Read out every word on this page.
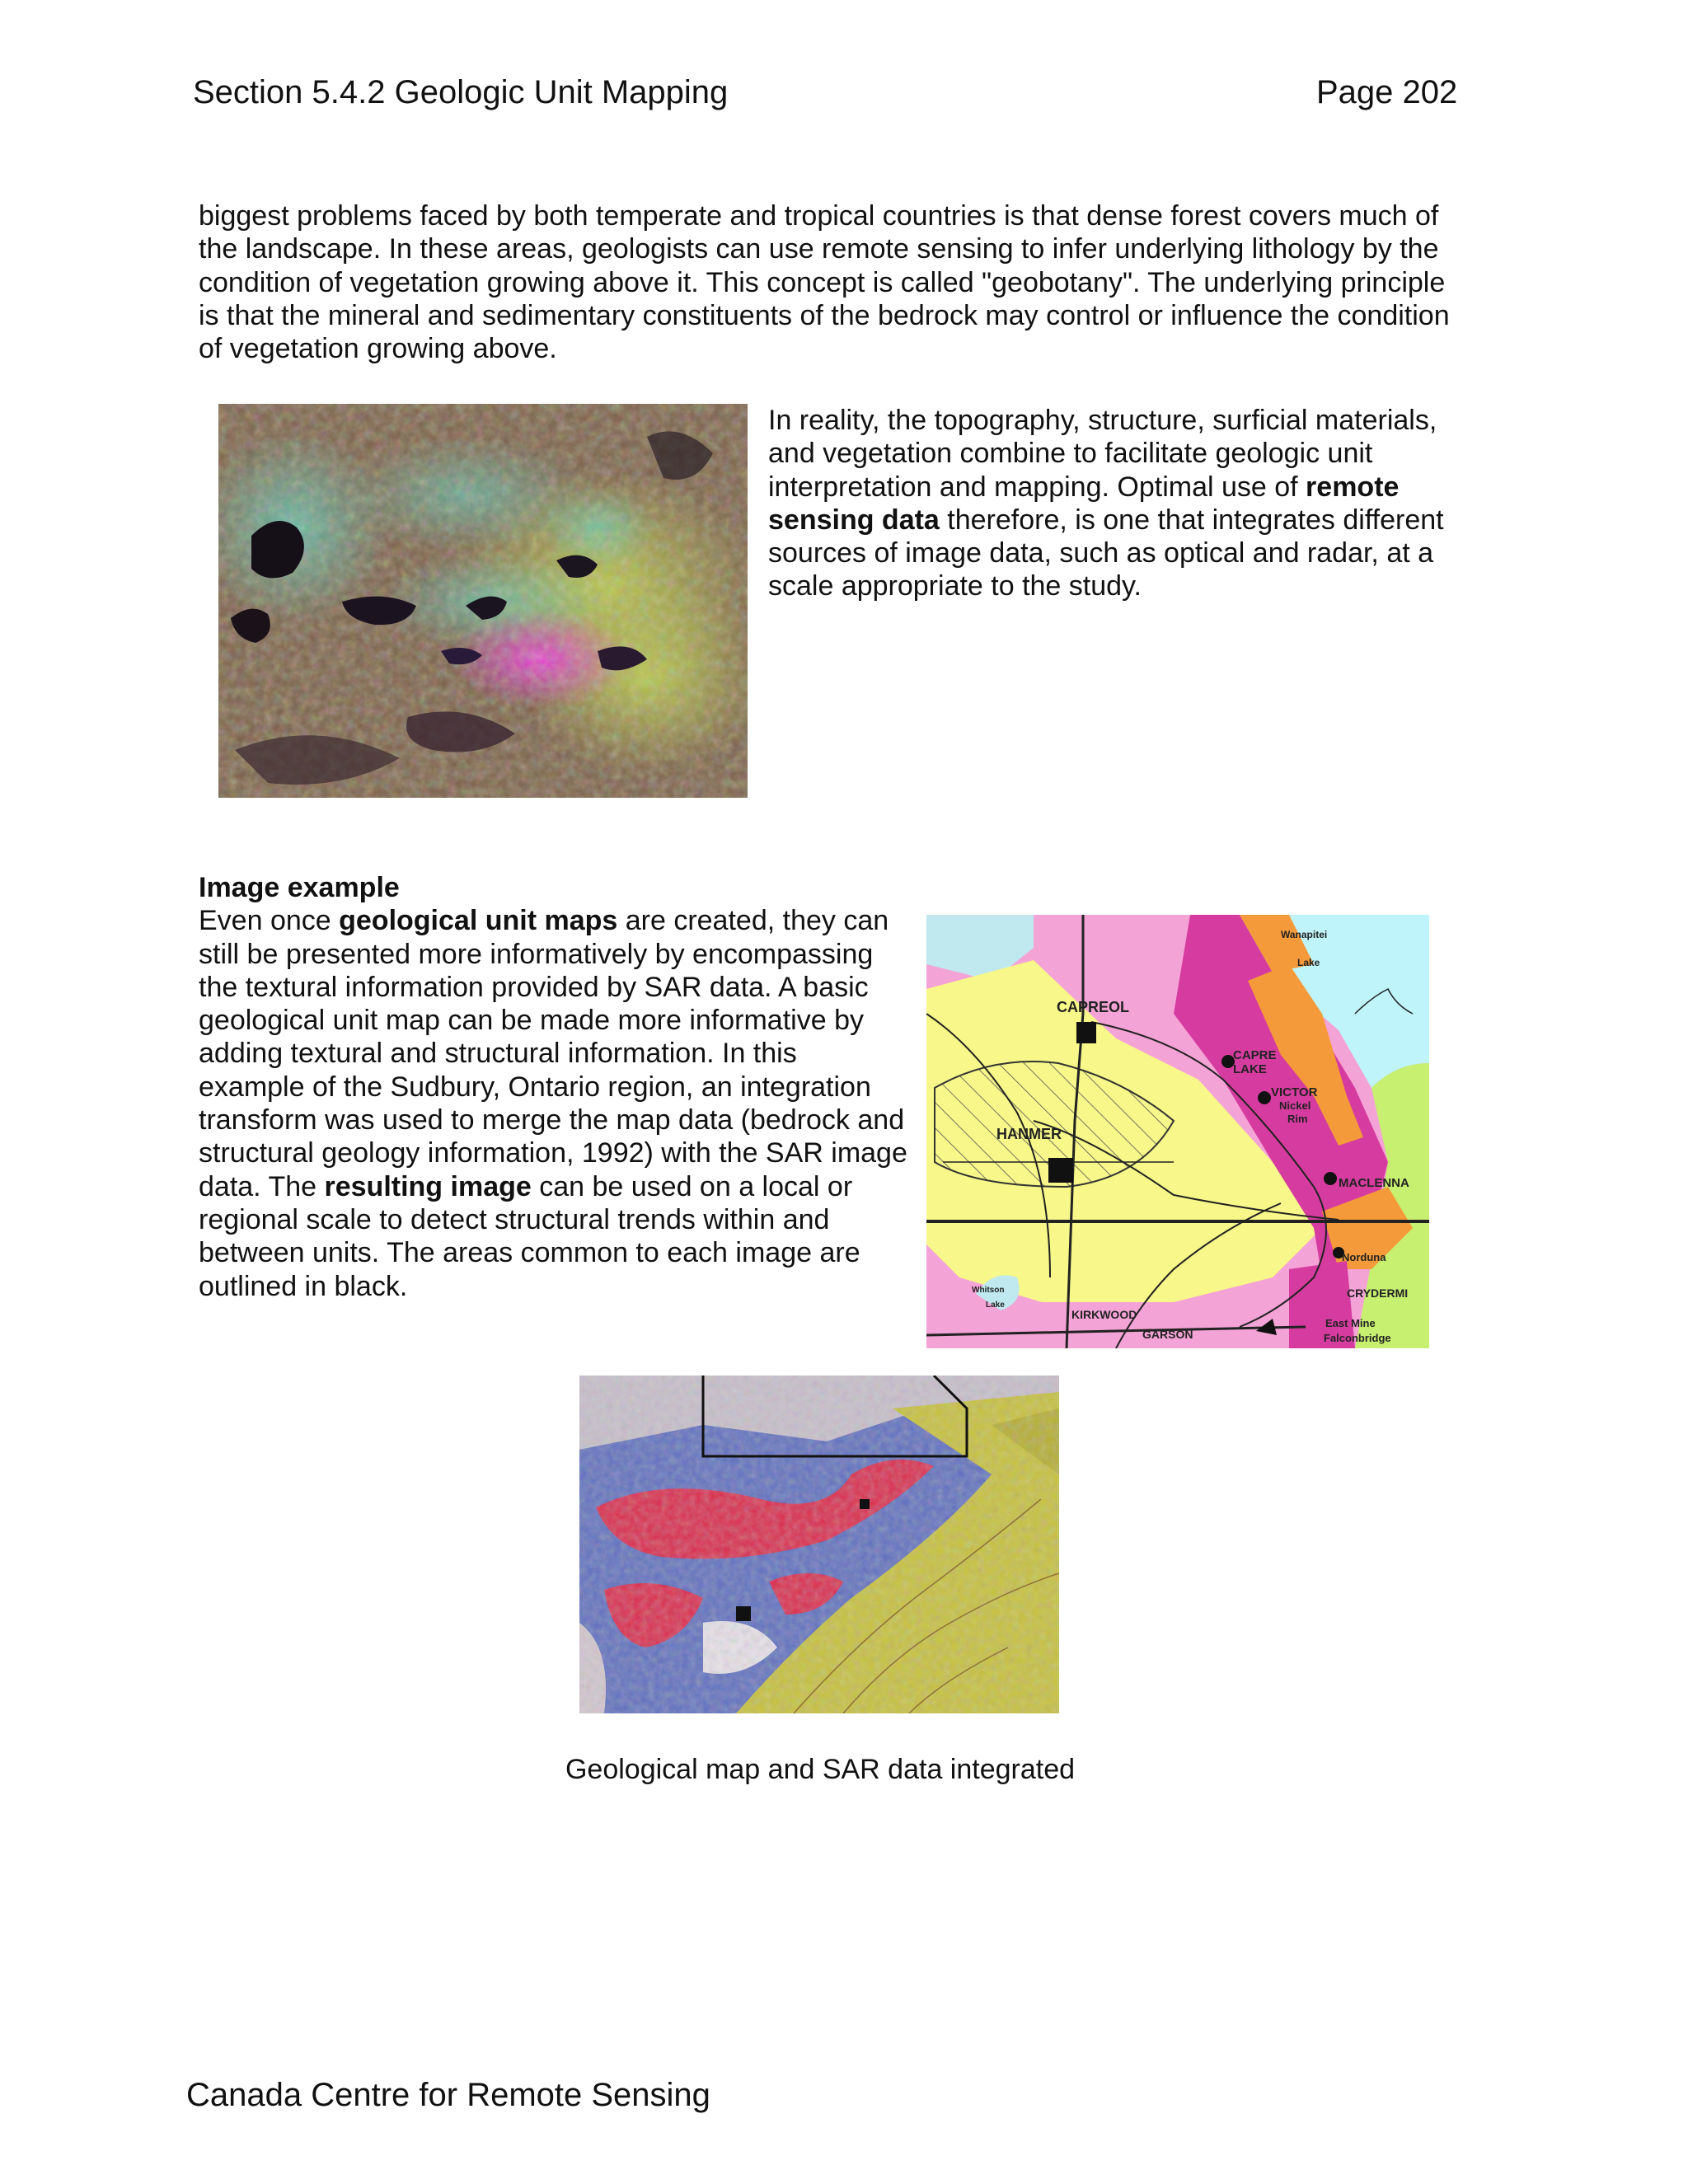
Section 5.4.2 Geologic Unit Mapping	Page 202
biggest problems faced by both temperate and tropical countries is that dense forest covers much of the landscape. In these areas, geologists can use remote sensing to infer underlying lithology by the condition of vegetation growing above it. This concept is called "geobotany". The underlying principle is that the mineral and sedimentary constituents of the bedrock may control or influence the condition of vegetation growing above.
In reality, the topography, structure, surficial materials, and vegetation combine to facilitate geologic unit interpretation and mapping. Optimal use of remote sensing data therefore, is one that integrates different sources of image data, such as optical and radar, at a scale appropriate to the study.
Image example
Even once geological unit maps are created, they can still be presented more informatively by encompassing the textural information provided by SAR data. A basic geological unit map can be made more informative by adding textural and structural information. In this example of the Sudbury, Ontario region, an integration transform was used to merge the map data (bedrock and structural geology information, 1992) with the SAR image data. The resulting image can be used on a local or regional scale to detect structural trends within and between units. The areas common to each image are outlined in black.
Wanapitei
Lake
CAPREOL
CAPRE
LAKE
VICTOR
Nickel
Rim
HANMER
MACLENNA
Norduna
CRYDERMI
East Mine
Falconbridge
KIRKWOOD
GARSON
Whitson
Lake
Geological map and SAR data integrated
Canada Centre for Remote Sensing
